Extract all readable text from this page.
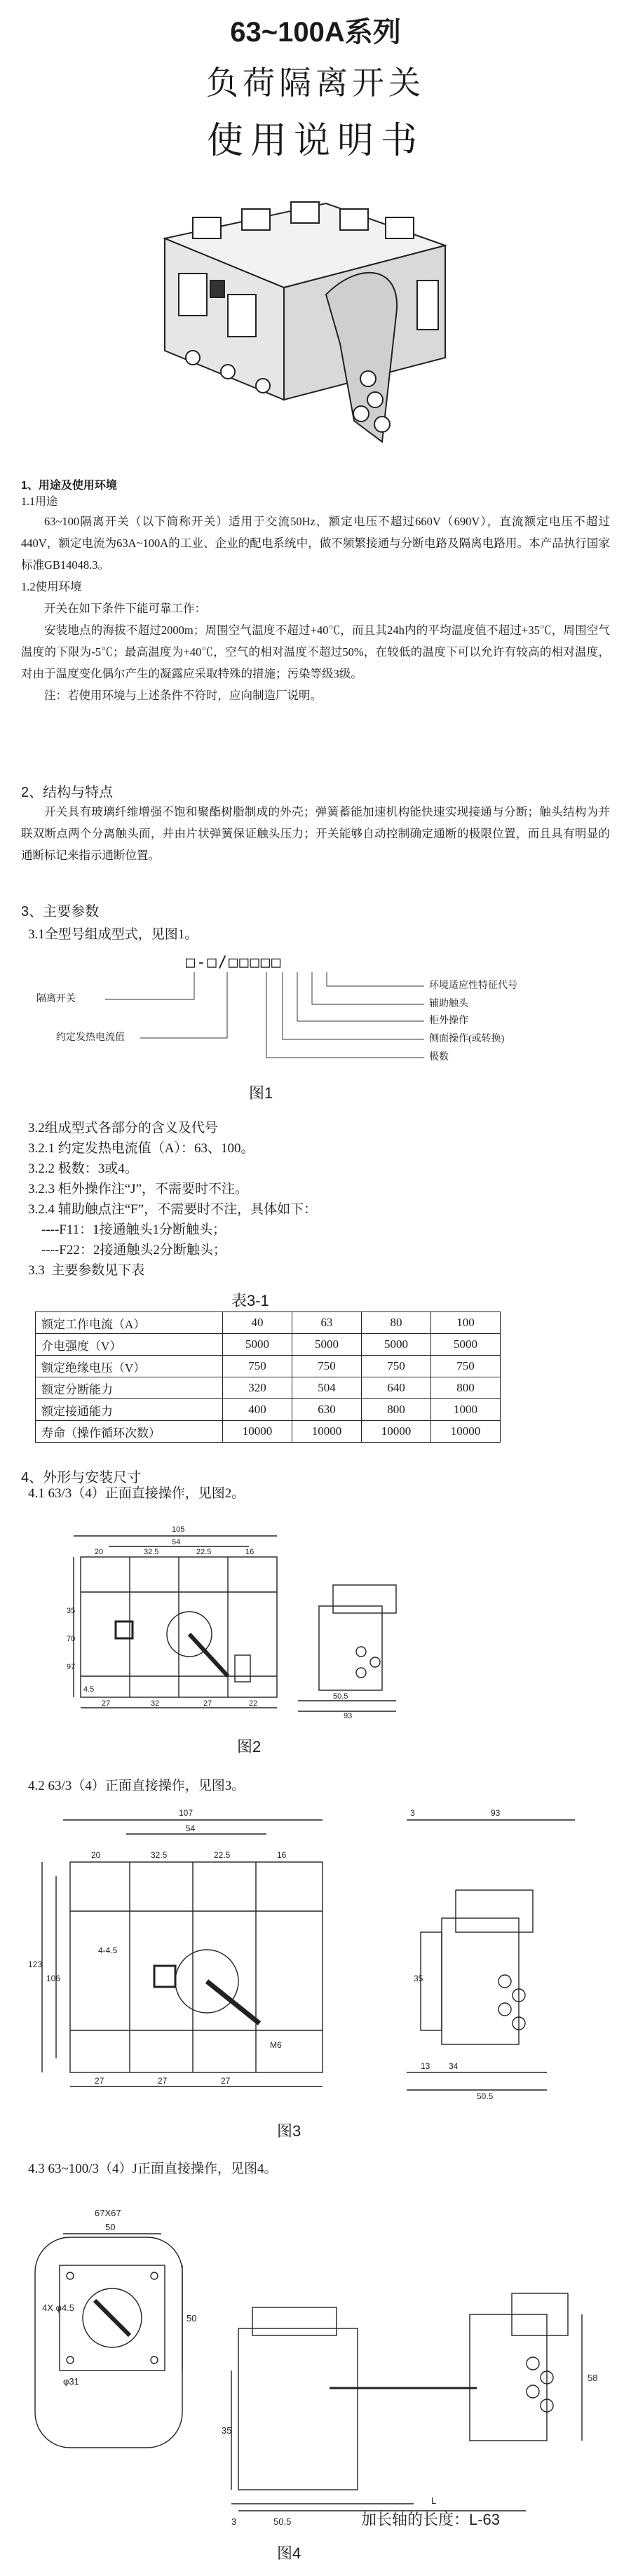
63~100A系列
负荷隔离开关
使用说明书
1、用途及使用环境
1.1用途

63~100隔离开关（以下简称开关）适用于交流50Hz，额定电压不超过660V（690V），直流额定电压不超过440V，额定电流为63A~100A的工业、企业的配电系统中，做不频繁接通与分断电路及隔离电路用。本产品执行国家标准GB14048.3。

1.2使用环境

开关在如下条件下能可靠工作：

安装地点的海拔不超过2000m；周围空气温度不超过+40℃，而且其24h内的平均温度值不超过+35℃，周围空气温度的下限为-5℃；最高温度为+40℃，空气的相对温度不超过50%，在较低的温度下可以允许有较高的相对温度，对由于温度变化偶尔产生的凝露应采取特殊的措施；污染等级3级。

注：若使用环境与上述条件不符时，应向制造厂说明。

2、结构与特点

开关具有玻璃纤维增强不饱和聚酯树脂制成的外壳；弹簧蓄能加速机构能快速实现接通与分断；触头结构为并联双断点两个分离触头面，并由片状弹簧保证触头压力；开关能够自动控制确定通断的极限位置，而且具有明显的通断标记来指示通断位置。

3、主要参数
3.1全型号组成型式，见图1。
□-□/□□□□□
隔离开关
约定发热电流值
环境适应性特征代号
辅助触头
柜外操作
侧面操作(或转换)
极数
图1
3.2组成型式各部分的含义及代号
3.2.1 约定发热电流值（A）：63、100。
3.2.2 极数：3或4。
3.2.3 柜外操作注“J”，不需要时不注。
3.2.4 辅助触点注“F”，不需要时不注，具体如下：
----F11：1接通触头1分断触头；
----F22：2接通触头2分断触头；
3.3  主要参数见下表
表3-1
额定工作电流（A）	40	63	80	100
介电强度（V）	5000	5000	5000	5000
额定绝缘电压（V）	750	750	750	750
额定分断能力	320	504	640	800
额定接通能力	400	630	800	1000
寿命（操作循环次数）	10000	10000	10000	10000
4、外形与安装尺寸
4.1 63/3（4）正面直接操作，见图2。
105
54
20	32.5	22.5	16
35
70
97
4.5
27	32	27	22
50.5
93
图2
4.2 63/3（4）正面直接操作，见图3。
107
54
20	32.5	22.5	16
123
106
4-4.5
M6
27	27	27
3	93
35
13 34
50.5
图3
4.3 63~100/3（4）J正面直接操作，见图4。
67X67
50
4X φ4.5
φ31
50
35
3	50.5
L
58
加长轴的长度：L-63
图4
